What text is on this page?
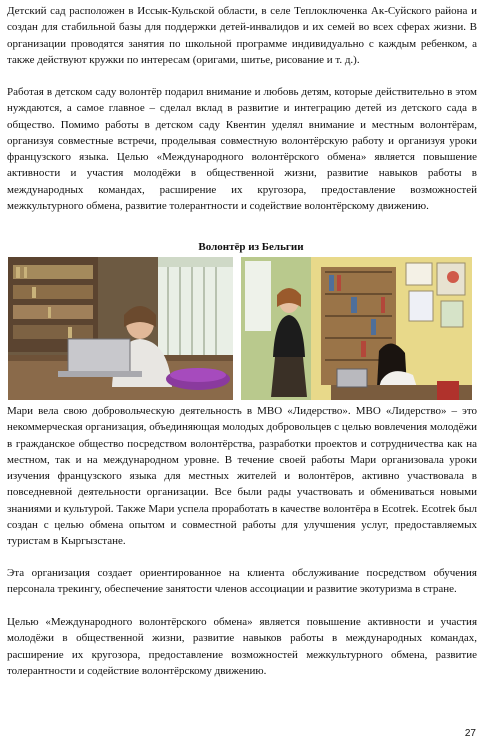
Детский сад расположен в Иссык-Кульской области, в селе Теплоключенка Ак-Суйского района и создан для стабильной базы для поддержки детей-инвалидов и их семей во всех сферах жизни. В организации проводятся занятия по школьной программе индивидуально с каждым ребенком, а также действуют кружки по интересам (оригами, шитье, рисование и т. д.).

Работая в детском саду волонтёр подарил внимание и любовь детям, которые действительно в этом нуждаются, а самое главное – сделал вклад в развитие и интеграцию детей из детского сада в общество. Помимо работы в детском саду Квентин уделял внимание и местным волонтёрам, организуя совместные встречи, проделывая совместную волонтёрскую работу и организуя уроки французского языка. Целью «Международного волонтёрского обмена» является повышение активности и участия молодёжи в общественной жизни, развитие навыков работы в международных командах, расширение их кругозора, предоставление возможностей межкультурного обмена, развитие толерантности и содействие волонтёрскому движению.

Волонтёр из Бельгии

Мари вела свою добровольческую деятельность в МВО «Лидерство». МВО «Лидерство» – это некоммерческая организация, объединяющая молодых добровольцев с целью вовлечения молодёжи в гражданское общество посредством волонтёрства, разработки проектов и сотрудничества как на местном, так и на международном уровне. В течение своей работы Мари организовала уроки изучения французского языка для местных жителей и волонтёров, активно участвовала в повседневной деятельности организации. Все были рады участвовать и обмениваться новыми знаниями и культурой. Также Мари успела проработать в качестве волонтёра в Ecotrek. Ecotrek был создан с целью обмена опытом и совместной работы для улучшения услуг, предоставляемых туристам в Кыргызстане.

Эта организация создает ориентированное на клиента обслуживание посредством обучения персонала трекингу, обеспечение занятости членов ассоциации и развитие экотуризма в стране.

Целью «Международного волонтёрского обмена» является повышение активности и участия молодёжи в общественной жизни, развитие навыков работы в международных командах, расширение их кругозора, предоставление возможностей межкультурного обмена, развитие толерантности и содействие волонтёрскому движению.

27
